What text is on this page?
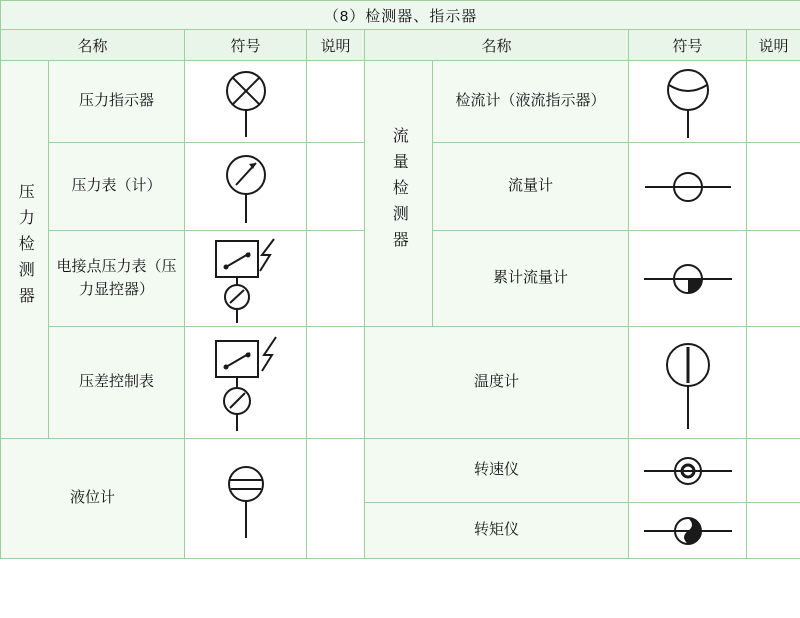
（8）检测器、指示器							
名称		符号	说明	名称		符号	说明
压力检测器	压力指示器			流量检测器	检流计（液流指示器）

	压力表（计）				流量计

	电接点压力表（压力显控器）				累计流量计

	压差控制表			温度计

液位计				转速仪

				转矩仪
